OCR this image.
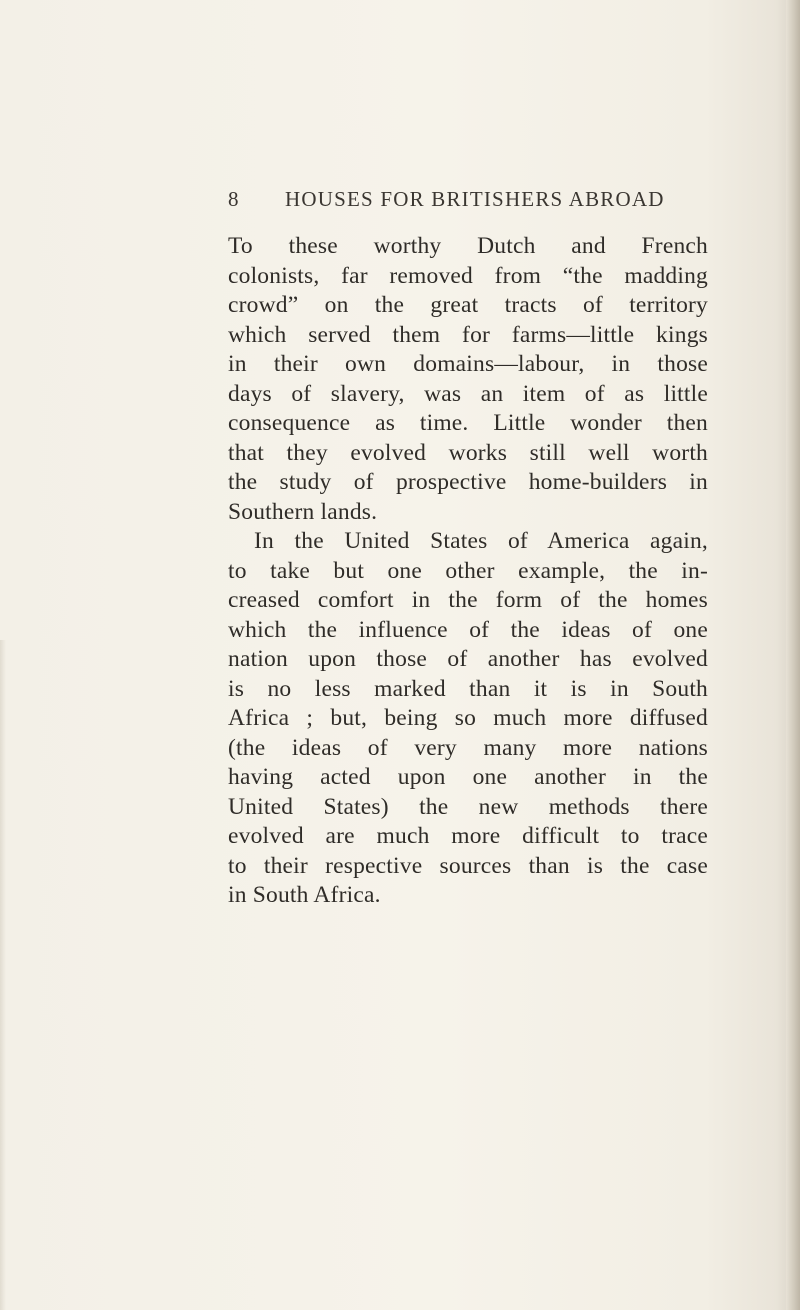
8 HOUSES FOR BRITISHERS ABROAD
To these worthy Dutch and French
colonists, far removed from “the madding
crowd” on the great tracts of territory
which served them for farms—little kings
in their own domains—labour, in those
days of slavery, was an item of as little
consequence as time. Little wonder then
that they evolved works still well worth
the study of prospective home-builders in
Southern lands.
In the United States of America again,
to take but one other example, the in-
creased comfort in the form of the homes
which the influence of the ideas of one
nation upon those of another has evolved
is no less marked than it is in South
Africa ; but, being so much more diffused
(the ideas of very many more nations
having acted upon one another in the
United States) the new methods there
evolved are much more difficult to trace
to their respective sources than is the case
in South Africa.
